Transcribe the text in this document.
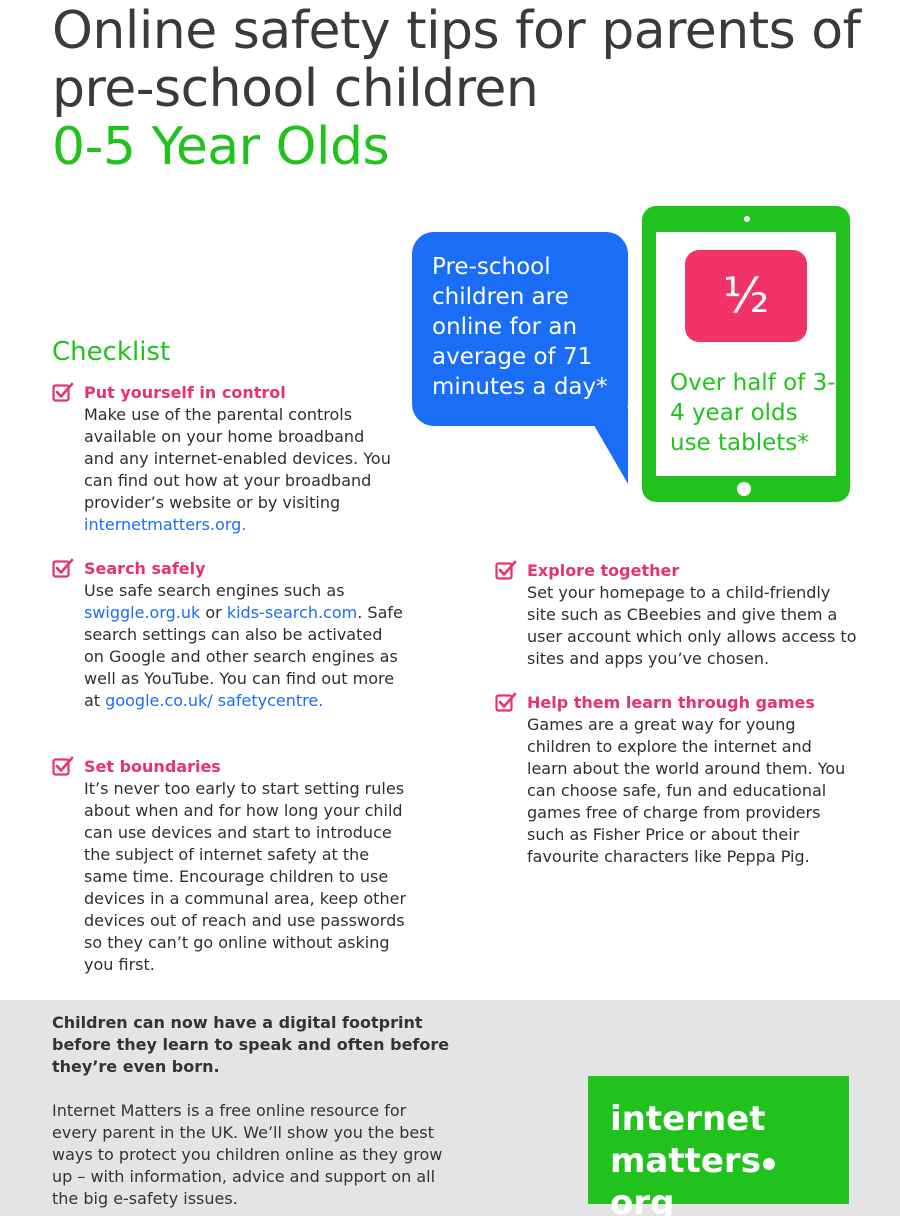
Online safety tips for parents of pre-school children
0-5 Year Olds
Pre-school children are online for an average of 71 minutes a day*
½
Over half of 3-4 year olds use tablets*
Checklist
Put yourself in control
Make use of the parental controls available on your home broadband and any internet-enabled devices. You can find out how at your broadband provider’s website or by visiting internetmatters.org.
Search safely
Use safe search engines such as swiggle.org.uk or kids-search.com. Safe search settings can also be activated on Google and other search engines as well as YouTube. You can find out more at google.co.uk/ safetycentre.
Set boundaries
It’s never too early to start setting rules about when and for how long your child can use devices and start to introduce the subject of internet safety at the same time. Encourage children to use devices in a communal area, keep other devices out of reach and use passwords so they can’t go online without asking you first.
Explore together
Set your homepage to a child-friendly site such as CBeebies and give them a user account which only allows access to sites and apps you’ve chosen.
Help them learn through games
Games are a great way for young children to explore the internet and learn about the world around them. You can choose safe, fun and educational games free of charge from providers such as Fisher Price or about their favourite characters like Peppa Pig.
Children can now have a digital footprint before they learn to speak and often before they’re even born.
Internet Matters is a free online resource for every parent in the UK. We’ll show you the best ways to protect you children online as they grow up – with information, advice and support on all the big e-safety issues.
internet
mattersorg
